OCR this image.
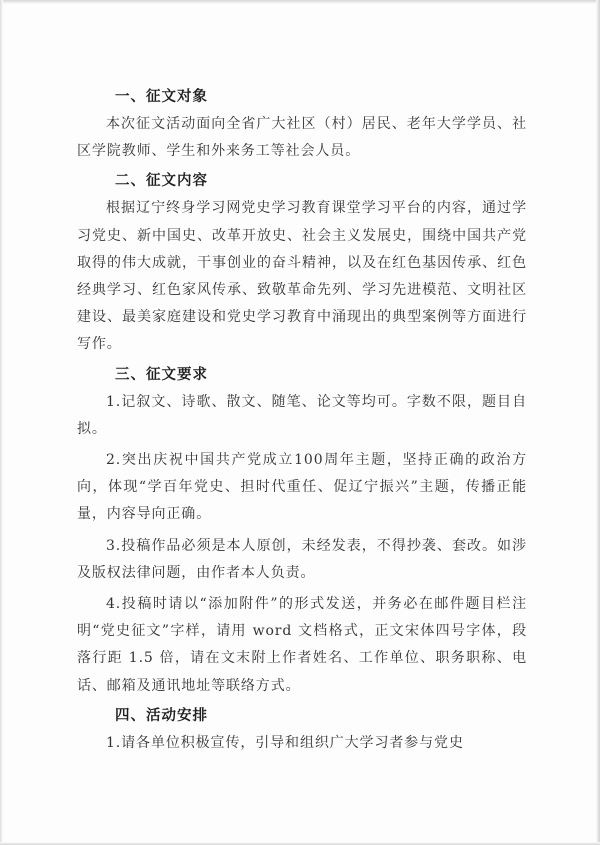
一、征文对象

本次征文活动面向全省广大社区（村）居民、老年大学学员、社区学院教师、学生和外来务工等社会人员。

二、征文内容

根据辽宁终身学习网党史学习教育课堂学习平台的内容，通过学习党史、新中国史、改革开放史、社会主义发展史，围绕中国共产党取得的伟大成就，干事创业的奋斗精神，以及在红色基因传承、红色经典学习、红色家风传承、致敬革命先列、学习先进模范、文明社区建设、最美家庭建设和党史学习教育中涌现出的典型案例等方面进行写作。

三、征文要求

1.记叙文、诗歌、散文、随笔、论文等均可。字数不限，题目自拟。

2.突出庆祝中国共产党成立100周年主题，坚持正确的政治方向，体现“学百年党史、担时代重任、促辽宁振兴”主题，传播正能量，内容导向正确。

3.投稿作品必须是本人原创，未经发表，不得抄袭、套改。如涉及版权法律问题，由作者本人负责。

4.投稿时请以“添加附件”的形式发送，并务必在邮件题目栏注明“党史征文”字样，请用 word 文档格式，正文宋体四号字体，段落行距 1.5 倍，请在文末附上作者姓名、工作单位、职务职称、电话、邮箱及通讯地址等联络方式。

四、活动安排

1.请各单位积极宣传，引导和组织广大学习者参与党史
